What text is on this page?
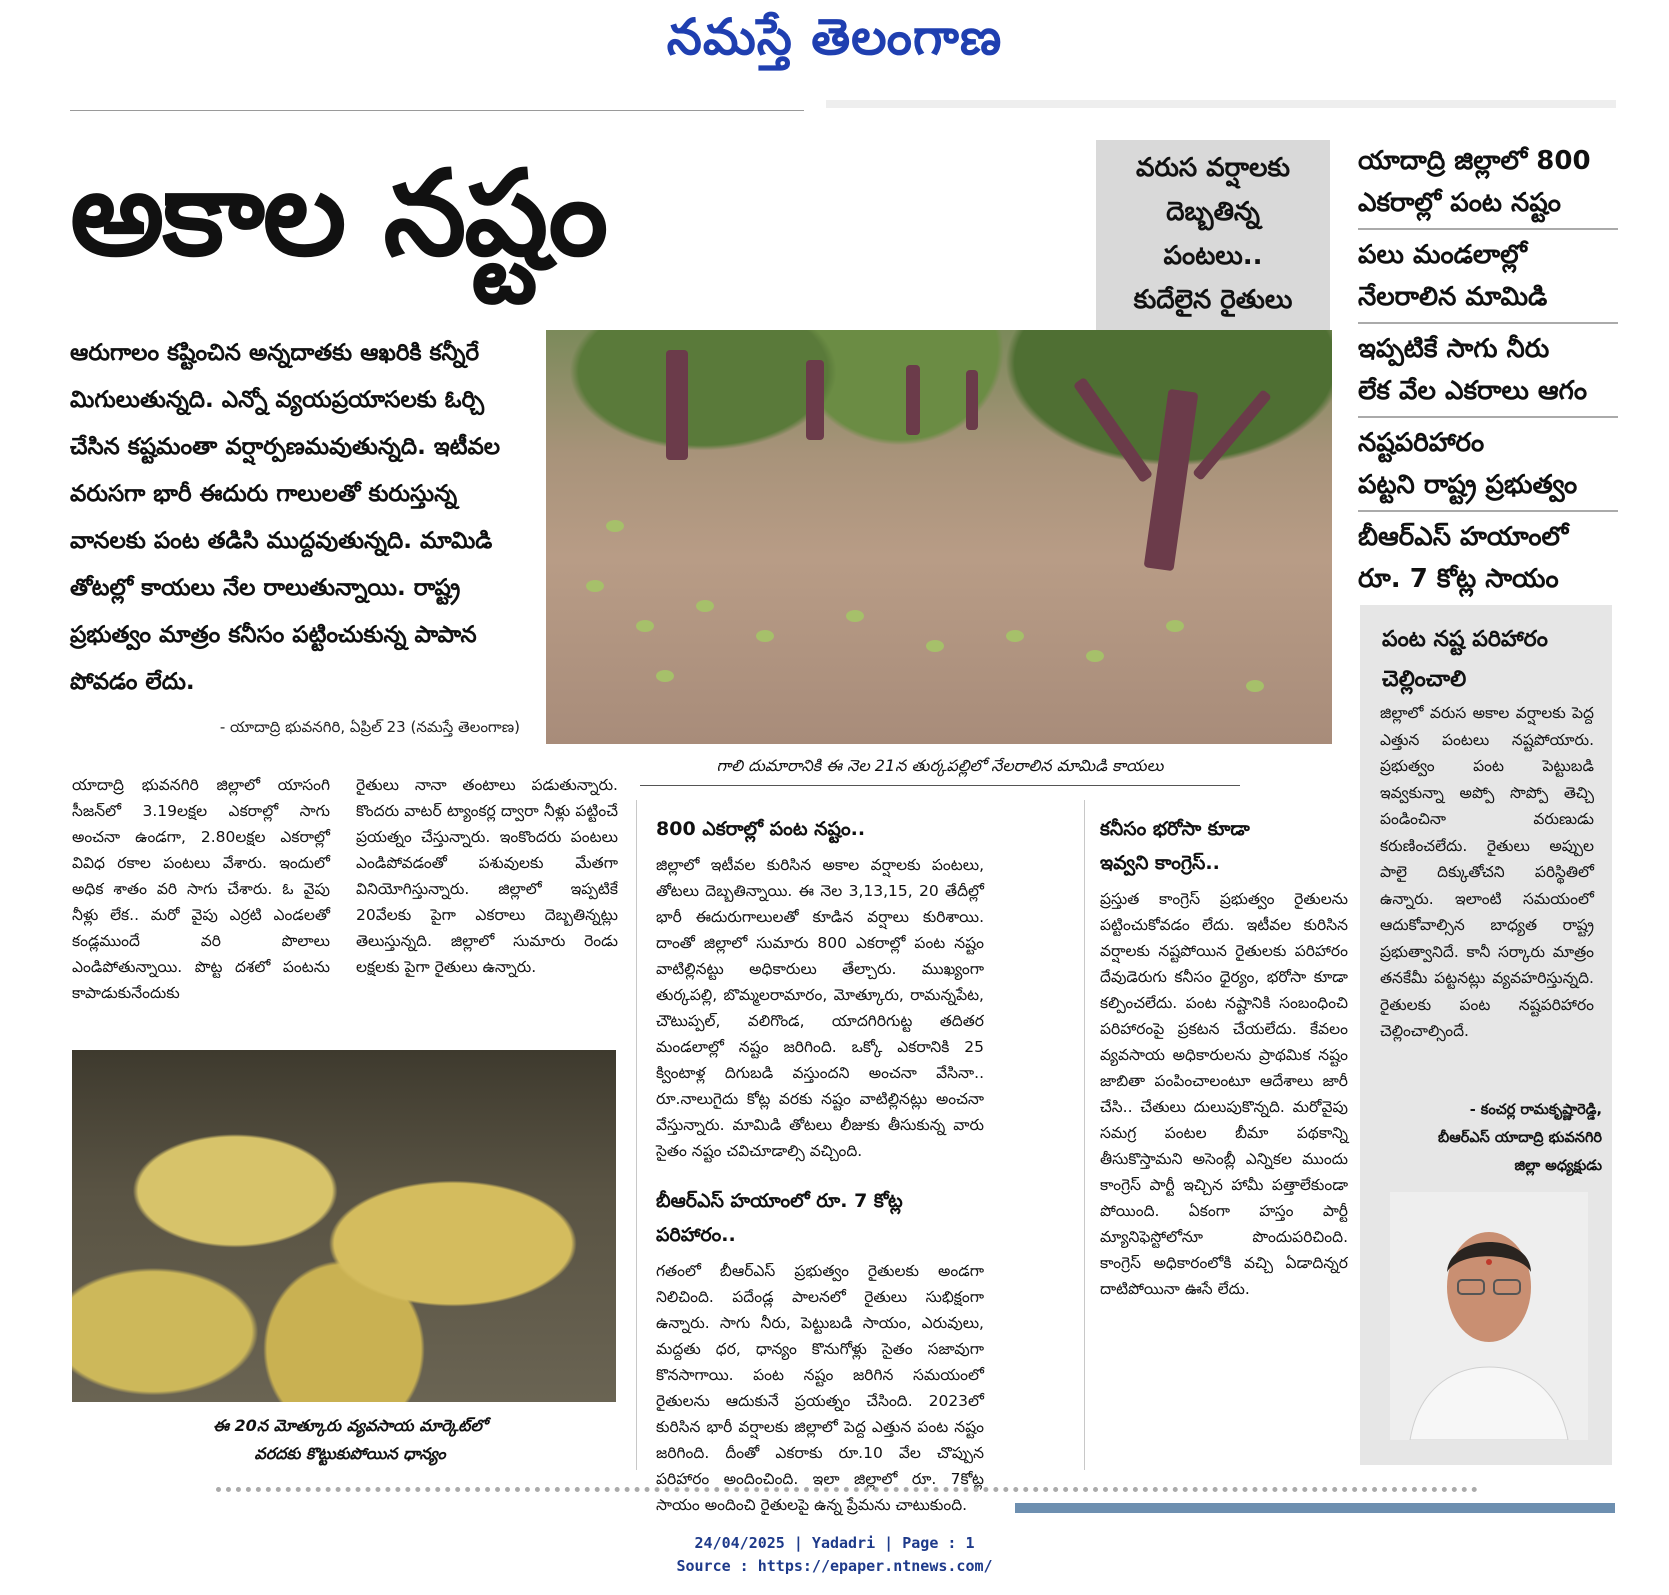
నమస్తే తెలంగాణ
అకాల నష్టం	వరుస వర్షాలకు
దెబ్బతిన్న
పంటలు..
కుదేలైన రైతులు
యాదాద్రి జిల్లాలో 800
ఎకరాల్లో పంట నష్టం
పలు మండలాల్లో
నేలరాలిన మామిడి
ఇప్పటికే సాగు నీరు
లేక వేల ఎకరాలు ఆగం
నష్టపరిహారం
పట్టని రాష్ట్ర ప్రభుత్వం
బీఆర్ఎస్ హయాంలో
రూ. 7 కోట్ల సాయం
ఆరుగాలం కష్టించిన అన్నదాతకు ఆఖరికి కన్నీరే మిగులుతున్నది. ఎన్నో వ్యయప్రయాసలకు ఓర్చి చేసిన కష్టమంతా వర్షార్పణమవుతున్నది. ఇటీవల వరుసగా భారీ ఈదురు గాలులతో కురుస్తున్న వానలకు పంట తడిసి ముద్దవుతున్నది. మామిడి తోటల్లో కాయలు నేల రాలుతున్నాయి. రాష్ట్ర ప్రభుత్వం మాత్రం కనీసం పట్టించుకున్న పాపాన పోవడం లేదు.
- యాదాద్రి భువనగిరి, ఏప్రిల్ 23 (నమస్తే తెలంగాణ)
గాలి దుమారానికి ఈ నెల 21న తుర్కపల్లిలో నేలరాలిన మామిడి కాయలు
యాదాద్రి భువనగిరి జిల్లాలో యాసంగి సీజన్‌లో 3.19లక్షల ఎకరాల్లో సాగు అంచనా ఉండగా, 2.80లక్షల ఎకరాల్లో వివిధ రకాల పంటలు వేశారు. ఇందులో అధిక శాతం వరి సాగు చేశారు. ఓ వైపు నీళ్లు లేక.. మరో వైపు ఎర్రటి ఎండలతో కండ్లముందే వరి పొలాలు ఎండిపోతున్నాయి. పొట్ట దశలో పంటను కాపాడుకునేందుకు
రైతులు నానా తంటాలు పడుతున్నారు. కొందరు వాటర్ ట్యాంకర్ల ద్వారా నీళ్లు పట్టించే ప్రయత్నం చేస్తున్నారు. ఇంకొందరు పంటలు ఎండిపోవడంతో పశువులకు మేతగా వినియోగిస్తున్నారు. జిల్లాలో ఇప్పటికే 20వేలకు పైగా ఎకరాలు దెబ్బతిన్నట్లు తెలుస్తున్నది. జిల్లాలో సుమారు రెండు లక్షలకు పైగా రైతులు ఉన్నారు.
800 ఎకరాల్లో పంట నష్టం..
జిల్లాలో ఇటీవల కురిసిన అకాల వర్షాలకు పంటలు, తోటలు దెబ్బతిన్నాయి. ఈ నెల 3,13,15, 20 తేదీల్లో భారీ ఈదురుగాలులతో కూడిన వర్షాలు కురిశాయి. దాంతో జిల్లాలో సుమారు 800 ఎకరాల్లో పంట నష్టం వాటిల్లినట్టు అధికారులు తేల్చారు. ముఖ్యంగా తుర్కపల్లి, బొమ్మలరామారం, మోత్కూరు, రామన్నపేట, చౌటుప్పల్, వలిగొండ, యాదగిరిగుట్ట తదితర మండలాల్లో నష్టం జరిగింది. ఒక్కో ఎకరానికి 25 క్వింటాళ్ల దిగుబడి వస్తుందని అంచనా వేసినా.. రూ.నాలుగైదు కోట్ల వరకు నష్టం వాటిల్లినట్లు అంచనా వేస్తున్నారు. మామిడి తోటలు లీజుకు తీసుకున్న వారు సైతం నష్టం చవిచూడాల్సి వచ్చింది.
బీఆర్ఎస్ హయాంలో రూ. 7 కోట్ల పరిహారం..
గతంలో బీఆర్ఎస్ ప్రభుత్వం రైతులకు అండగా నిలిచింది. పదేండ్ల పాలనలో రైతులు సుభిక్షంగా ఉన్నారు. సాగు నీరు, పెట్టుబడి సాయం, ఎరువులు, మద్దతు ధర, ధాన్యం కొనుగోళ్లు సైతం సజావుగా కొనసాగాయి. పంట నష్టం జరిగిన సమయంలో రైతులను ఆదుకునే ప్రయత్నం చేసింది. 2023లో కురిసిన భారీ వర్షాలకు జిల్లాలో పెద్ద ఎత్తున పంట నష్టం జరిగింది. దీంతో ఎకరాకు రూ.10 వేల చొప్పున పరిహారం అందించింది. ఇలా జిల్లాలో రూ. 7కోట్ల సాయం అందించి రైతులపై ఉన్న ప్రేమను చాటుకుంది.
కనీసం భరోసా కూడా
ఇవ్వని కాంగ్రెస్..
ప్రస్తుత కాంగ్రెస్ ప్రభుత్వం రైతులను పట్టించుకోవడం లేదు. ఇటీవల కురిసిన వర్షాలకు నష్టపోయిన రైతులకు పరిహారం దేవుడెరుగు కనీసం ధైర్యం, భరోసా కూడా కల్పించలేదు. పంట నష్టానికి సంబంధించి పరిహారంపై ప్రకటన చేయలేదు. కేవలం వ్యవసాయ అధికారులను ప్రాథమిక నష్టం జాబితా పంపించాలంటూ ఆదేశాలు జారీ చేసి.. చేతులు దులుపుకొన్నది. మరోవైపు సమగ్ర పంటల బీమా పథకాన్ని తీసుకొస్తామని అసెంబ్లీ ఎన్నికల ముందు కాంగ్రెస్ పార్టీ ఇచ్చిన హామీ పత్తాలేకుండా పోయింది. ఏకంగా హస్తం పార్టీ మ్యానిఫెస్టోలోనూ పొందుపరిచింది. కాంగ్రెస్ అధికారంలోకి వచ్చి ఏడాదిన్నర దాటిపోయినా ఊసే లేదు.
ఈ 20న మోత్కూరు వ్యవసాయ మార్కెట్‌లో
వరదకు కొట్టుకుపోయిన ధాన్యం
పంట నష్ట పరిహారం
చెల్లించాలి
జిల్లాలో వరుస అకాల వర్షాలకు పెద్ద ఎత్తున పంటలు నష్టపోయారు. ప్రభుత్వం పంట పెట్టుబడి ఇవ్వకున్నా అప్పో సొప్పో తెచ్చి పండించినా వరుణుడు కరుణించలేదు. రైతులు అప్పుల పాలై దిక్కుతోచని పరిస్థితిలో ఉన్నారు. ఇలాంటి సమయంలో ఆదుకోవాల్సిన బాధ్యత రాష్ట్ర ప్రభుత్వానిదే. కానీ సర్కారు మాత్రం తనకేమీ పట్టనట్లు వ్యవహరిస్తున్నది. రైతులకు పంట నష్టపరిహారం చెల్లించాల్సిందే.
- కంచర్ల రామకృష్ణారెడ్డి,
బీఆర్ఎస్ యాదాద్రి భువనగిరి
జిల్లా అధ్యక్షుడు
24/04/2025 | Yadadri | Page : 1
Source : https://epaper.ntnews.com/
